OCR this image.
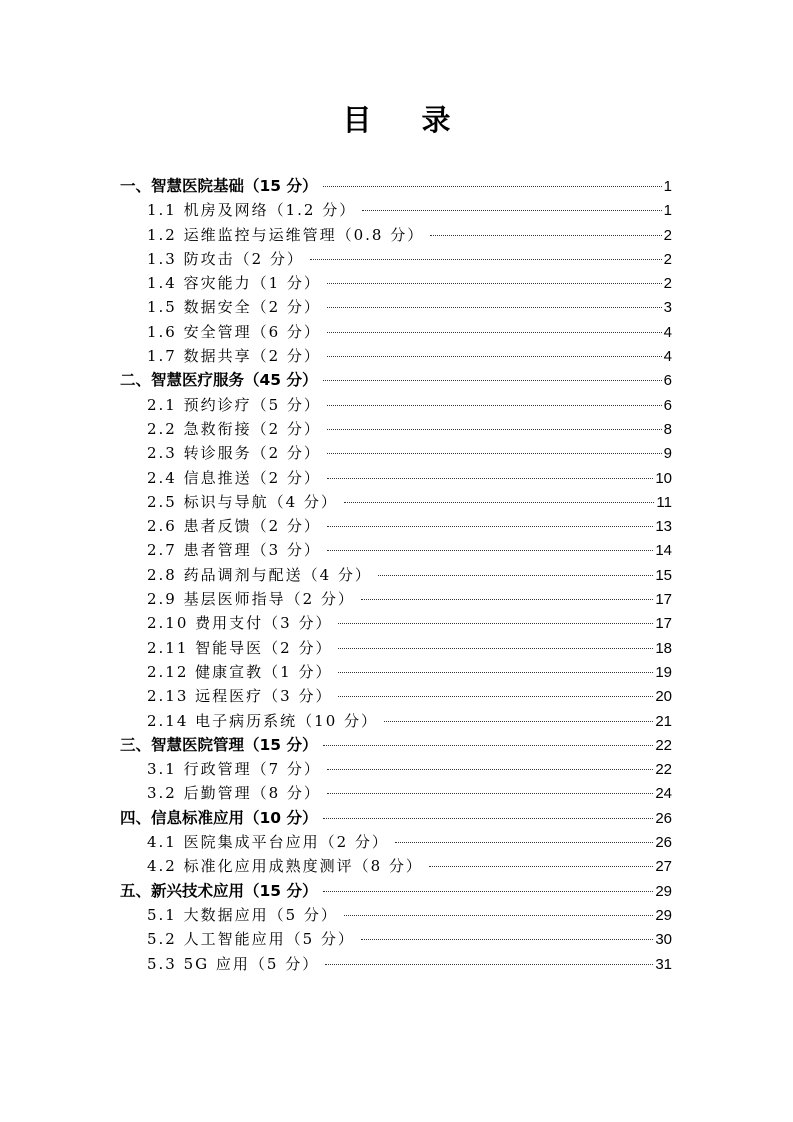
目 录
一、智慧医院基础（15 分）	1
1.1 机房及网络（1.2 分）	1
1.2 运维监控与运维管理（0.8 分）	2
1.3 防攻击（2 分）	2
1.4 容灾能力（1 分）	2
1.5 数据安全（2 分）	3
1.6 安全管理（6 分）	4
1.7 数据共享（2 分）	4
二、智慧医疗服务（45 分）	6
2.1 预约诊疗（5 分）	6
2.2 急救衔接（2 分）	8
2.3 转诊服务（2 分）	9
2.4 信息推送（2 分）	10
2.5 标识与导航（4 分）	11
2.6 患者反馈（2 分）	13
2.7 患者管理（3 分）	14
2.8 药品调剂与配送（4 分）	15
2.9 基层医师指导（2 分）	17
2.10 费用支付（3 分）	17
2.11 智能导医（2 分）	18
2.12 健康宣教（1 分）	19
2.13 远程医疗（3 分）	20
2.14 电子病历系统（10 分）	21
三、智慧医院管理（15 分）	22
3.1 行政管理（7 分）	22
3.2 后勤管理（8 分）	24
四、信息标准应用（10 分）	26
4.1 医院集成平台应用（2 分）	26
4.2 标准化应用成熟度测评（8 分）	27
五、新兴技术应用（15 分）	29
5.1 大数据应用（5 分）	29
5.2 人工智能应用（5 分）	30
5.3 5G 应用（5 分）	31
